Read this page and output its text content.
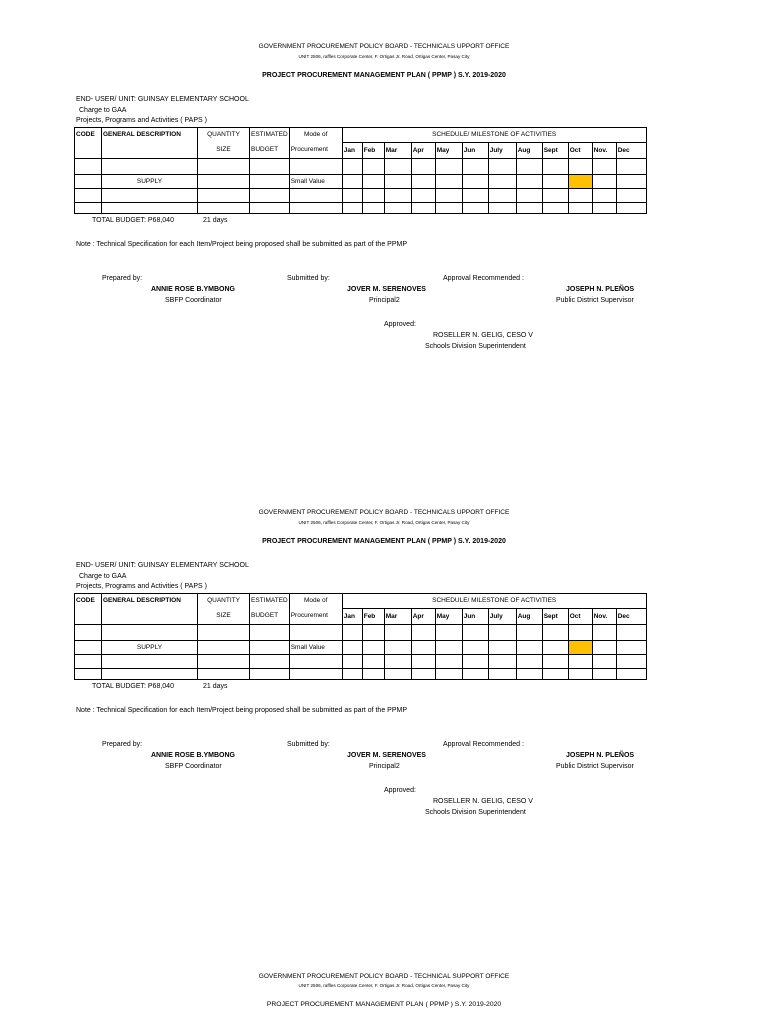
GOVERNMENT PROCUREMENT POLICY BOARD - TECHNICALS UPPORT OFFICE
UNIT 2506, raffles Corporate Center, F. Ortigas Jr. Road, Ortigas Center, Pasay City
PROJECT PROCUREMENT MANAGEMENT PLAN ( PPMP ) S.Y. 2019-2020
END- USER/ UNIT: GUINSAY ELEMENTARY SCHOOL
Charge to GAA
Projects, Programs and Activities ( PAPS )
CODE	GENERAL DESCRIPTION	QUANTITY	ESTIMATED	Mode of	SCHEDULE/ MILESTONE OF ACTIVITIES											
		SIZE	BUDGET	Procurement	Jan	Feb	Mar	Apr	May	Jun	July	Aug	Sept	Oct	Nov.	Dec

	SUPPLY			Small Value												

TOTAL BUDGET: P68,040	21 days
Note : Technical Specification for each Item/Project being proposed shall be submitted as part of the PPMP
Prepared by:
ANNIE ROSE B.YMBONG
SBFP Coordinator
Submitted by:
JOVER M. SERENOVES
Principal2
Approval Recommended :
JOSEPH N. PLEÑOS
Public District Supervisor
Approved:
ROSELLER N. GELIG, CESO V
Schools Division Superintendent
GOVERNMENT PROCUREMENT POLICY BOARD - TECHNICALS UPPORT OFFICE
UNIT 2506, raffles Corporate Center, F. Ortigas Jr. Road, Ortigas Center, Pasay City
PROJECT PROCUREMENT MANAGEMENT PLAN ( PPMP ) S.Y. 2019-2020
END- USER/ UNIT: GUINSAY ELEMENTARY SCHOOL
Charge to GAA
Projects, Programs and Activities ( PAPS )
CODE	GENERAL DESCRIPTION	QUANTITY	ESTIMATED	Mode of	SCHEDULE/ MILESTONE OF ACTIVITIES											
		SIZE	BUDGET	Procurement	Jan	Feb	Mar	Apr	May	Jun	July	Aug	Sept	Oct	Nov.	Dec

	SUPPLY			Small Value												

TOTAL BUDGET: P68,040	21 days
Note : Technical Specification for each Item/Project being proposed shall be submitted as part of the PPMP
Prepared by:
ANNIE ROSE B.YMBONG
SBFP Coordinator
Submitted by:
JOVER M. SERENOVES
Principal2
Approval Recommended :
JOSEPH N. PLEÑOS
Public District Supervisor
Approved:
ROSELLER N. GELIG, CESO V
Schools Division Superintendent
GOVERNMENT PROCUREMENT POLICY BOARD - TECHNICAL SUPPORT OFFICE
UNIT 2506, raffles Corporate Center, F. Ortigas Jr. Road, Ortigas Center, Pasay City
PROJECT PROCUREMENT MANAGEMENT PLAN ( PPMP ) S.Y. 2019-2020
